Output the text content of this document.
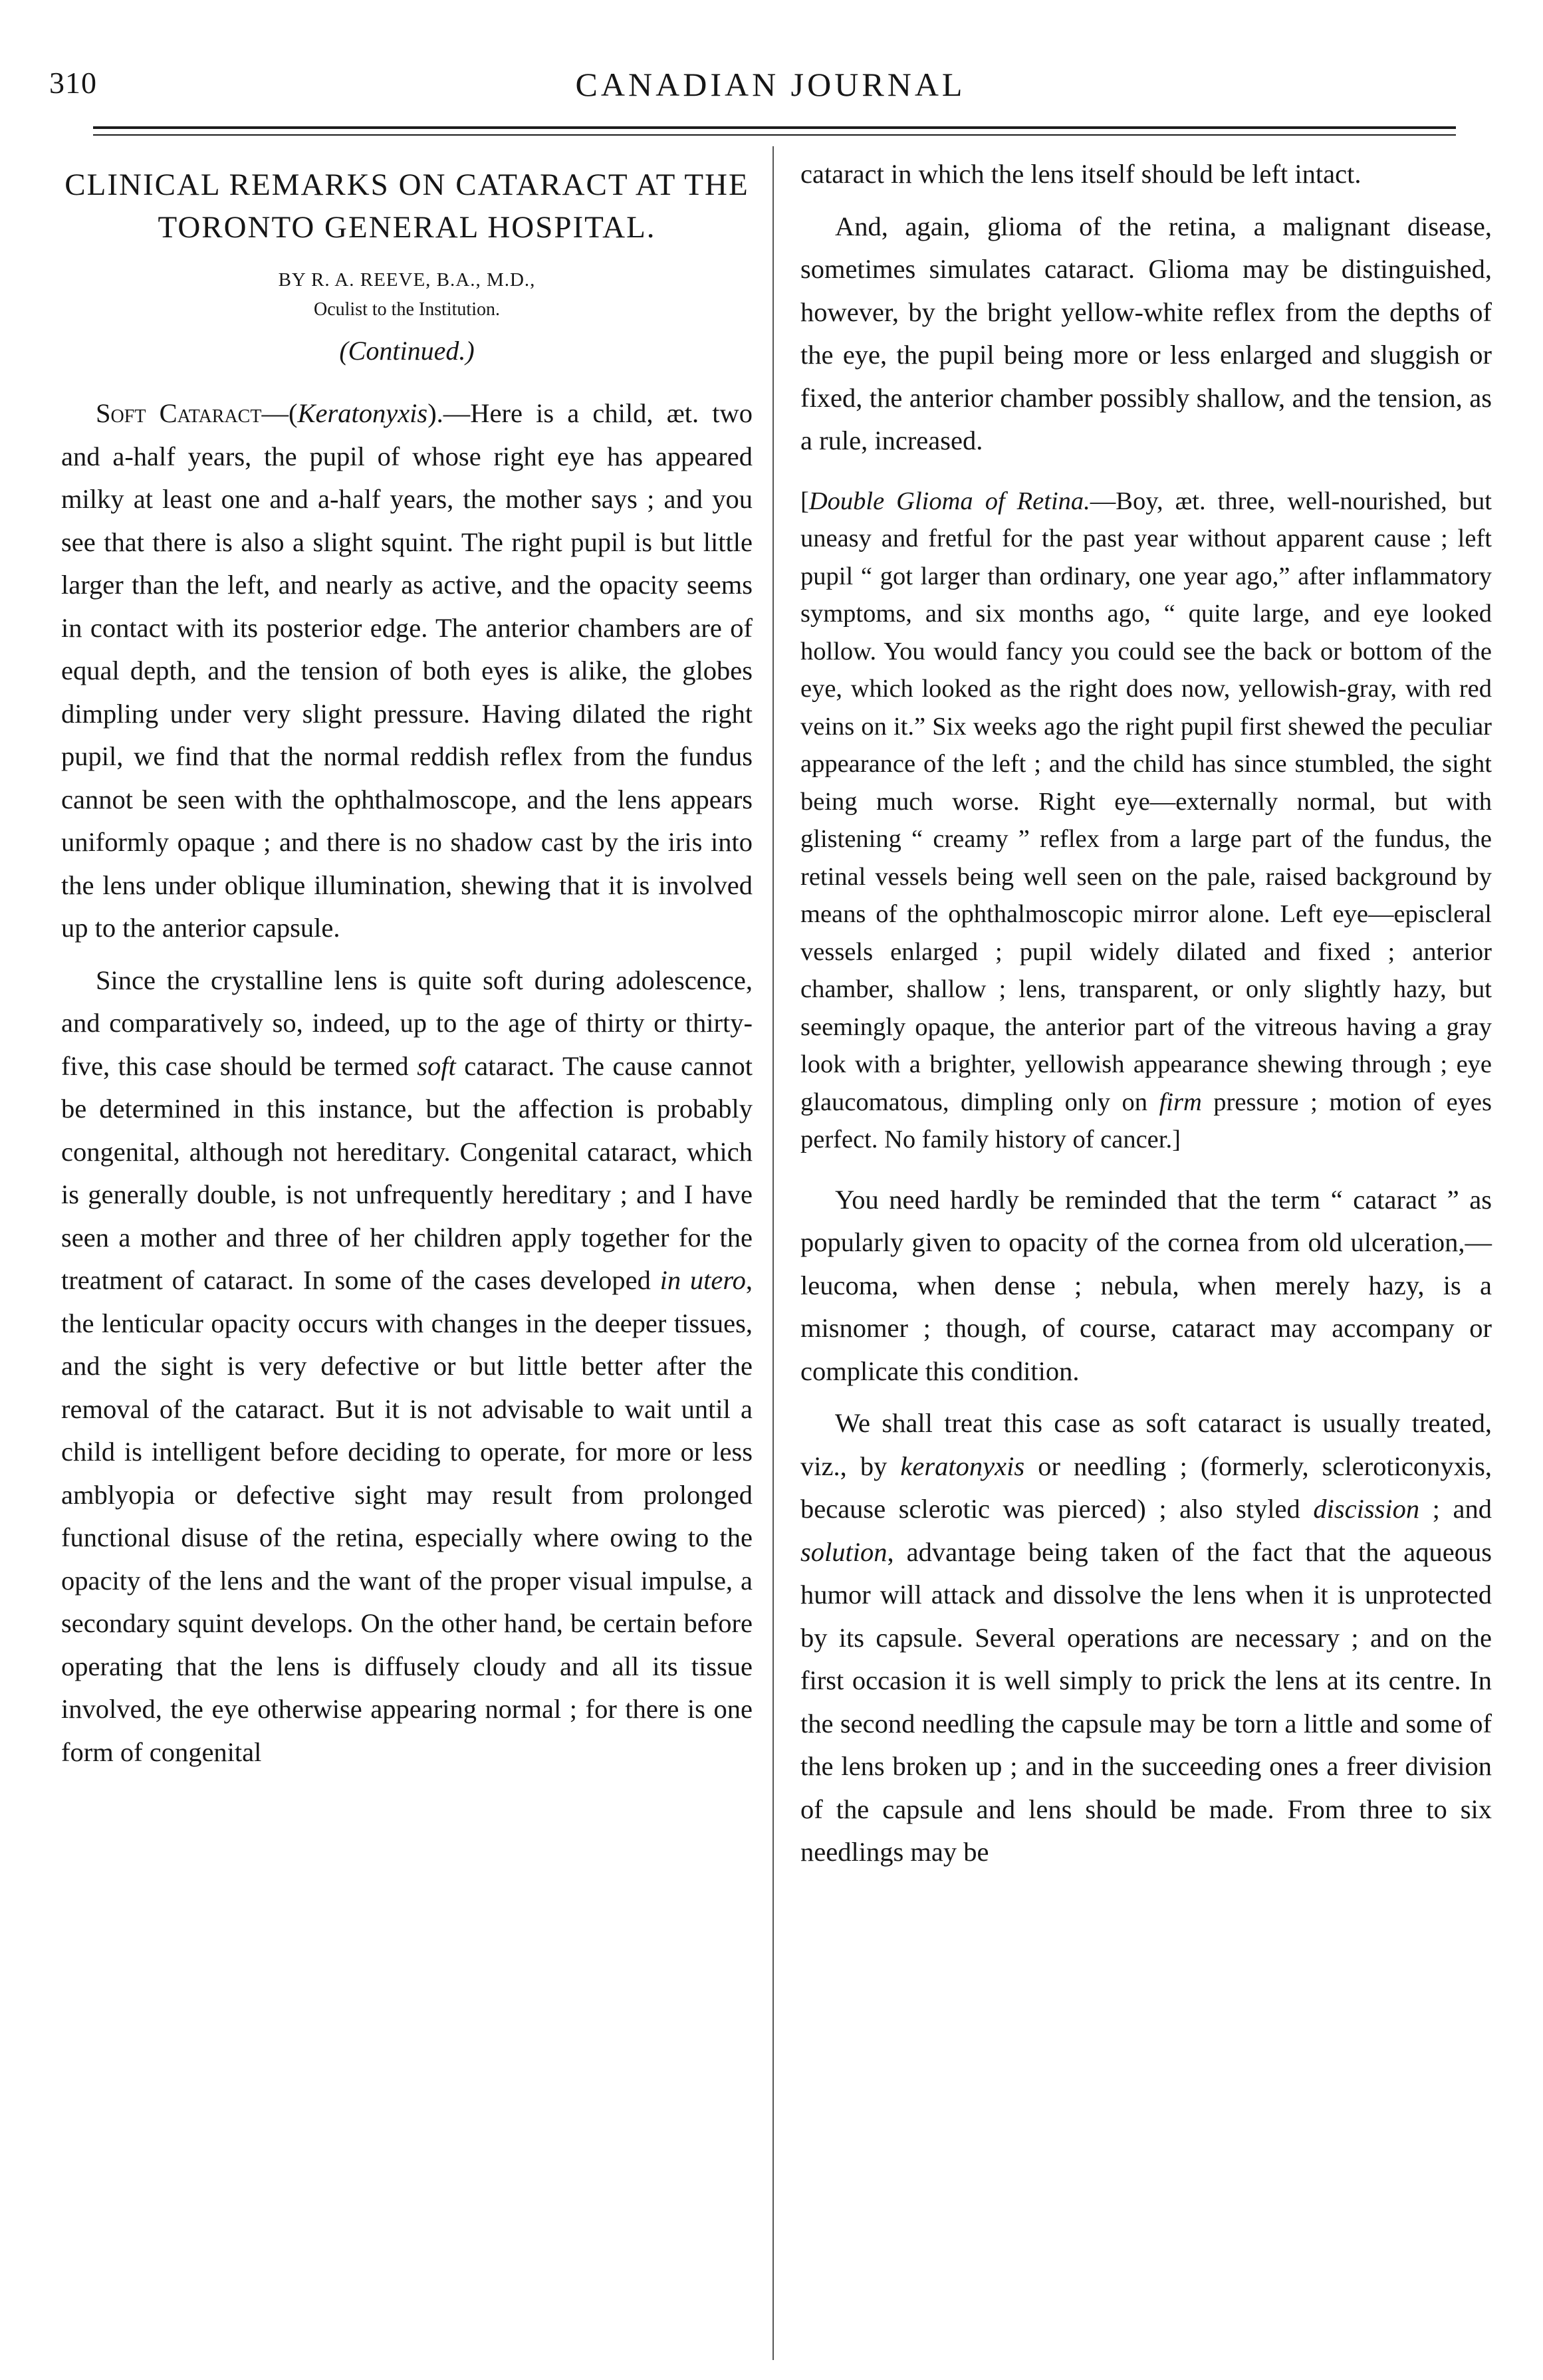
310	CANADIAN JOURNAL
CLINICAL REMARKS ON CATARACT AT THE TORONTO GENERAL HOSPITAL.

BY R. A. REEVE, B.A., M.D.,

Oculist to the Institution.

(Continued.)

Soft Cataract—(Keratonyxis).—Here is a child, æt. two and a-half years, the pupil of whose right eye has appeared milky at least one and a-half years, the mother says ; and you see that there is also a slight squint. The right pupil is but little larger than the left, and nearly as active, and the opacity seems in contact with its posterior edge. The anterior chambers are of equal depth, and the tension of both eyes is alike, the globes dimpling under very slight pressure. Having dilated the right pupil, we find that the normal reddish reflex from the fundus cannot be seen with the ophthalmoscope, and the lens appears uniformly opaque ; and there is no shadow cast by the iris into the lens under oblique illumination, shewing that it is involved up to the anterior capsule.

Since the crystalline lens is quite soft during adolescence, and comparatively so, indeed, up to the age of thirty or thirty-five, this case should be termed soft cataract. The cause cannot be determined in this instance, but the affection is probably congenital, although not hereditary. Congenital cataract, which is generally double, is not unfrequently hereditary ; and I have seen a mother and three of her children apply together for the treatment of cataract. In some of the cases developed in utero, the lenticular opacity occurs with changes in the deeper tissues, and the sight is very defective or but little better after the removal of the cataract. But it is not advisable to wait until a child is intelligent before deciding to operate, for more or less amblyopia or defective sight may result from prolonged functional disuse of the retina, especially where owing to the opacity of the lens and the want of the proper visual impulse, a secondary squint develops. On the other hand, be certain before operating that the lens is diffusely cloudy and all its tissue involved, the eye otherwise appearing normal ; for there is one form of congenital

cataract in which the lens itself should be left intact.

And, again, glioma of the retina, a malignant disease, sometimes simulates cataract. Glioma may be distinguished, however, by the bright yellow-white reflex from the depths of the eye, the pupil being more or less enlarged and sluggish or fixed, the anterior chamber possibly shallow, and the tension, as a rule, increased.

[Double Glioma of Retina.—Boy, æt. three, well-nourished, but uneasy and fretful for the past year without apparent cause ; left pupil “ got larger than ordinary, one year ago,” after inflammatory symptoms, and six months ago, “ quite large, and eye looked hollow. You would fancy you could see the back or bottom of the eye, which looked as the right does now, yellowish-gray, with red veins on it.” Six weeks ago the right pupil first shewed the peculiar appearance of the left ; and the child has since stumbled, the sight being much worse. Right eye—externally normal, but with glistening “ creamy ” reflex from a large part of the fundus, the retinal vessels being well seen on the pale, raised background by means of the ophthalmoscopic mirror alone. Left eye—episcleral vessels enlarged ; pupil widely dilated and fixed ; anterior chamber, shallow ; lens, transparent, or only slightly hazy, but seemingly opaque, the anterior part of the vitreous having a gray look with a brighter, yellowish appearance shewing through ; eye glaucomatous, dimpling only on firm pressure ; motion of eyes perfect. No family history of cancer.]

You need hardly be reminded that the term “ cataract ” as popularly given to opacity of the cornea from old ulceration,—leucoma, when dense ; nebula, when merely hazy, is a misnomer ; though, of course, cataract may accompany or complicate this condition.

We shall treat this case as soft cataract is usually treated, viz., by keratonyxis or needling ; (formerly, scleroticonyxis, because sclerotic was pierced) ; also styled discission ; and solution, advantage being taken of the fact that the aqueous humor will attack and dissolve the lens when it is unprotected by its capsule. Several operations are necessary ; and on the first occasion it is well simply to prick the lens at its centre. In the second needling the capsule may be torn a little and some of the lens broken up ; and in the succeeding ones a freer division of the capsule and lens should be made. From three to six needlings may be
